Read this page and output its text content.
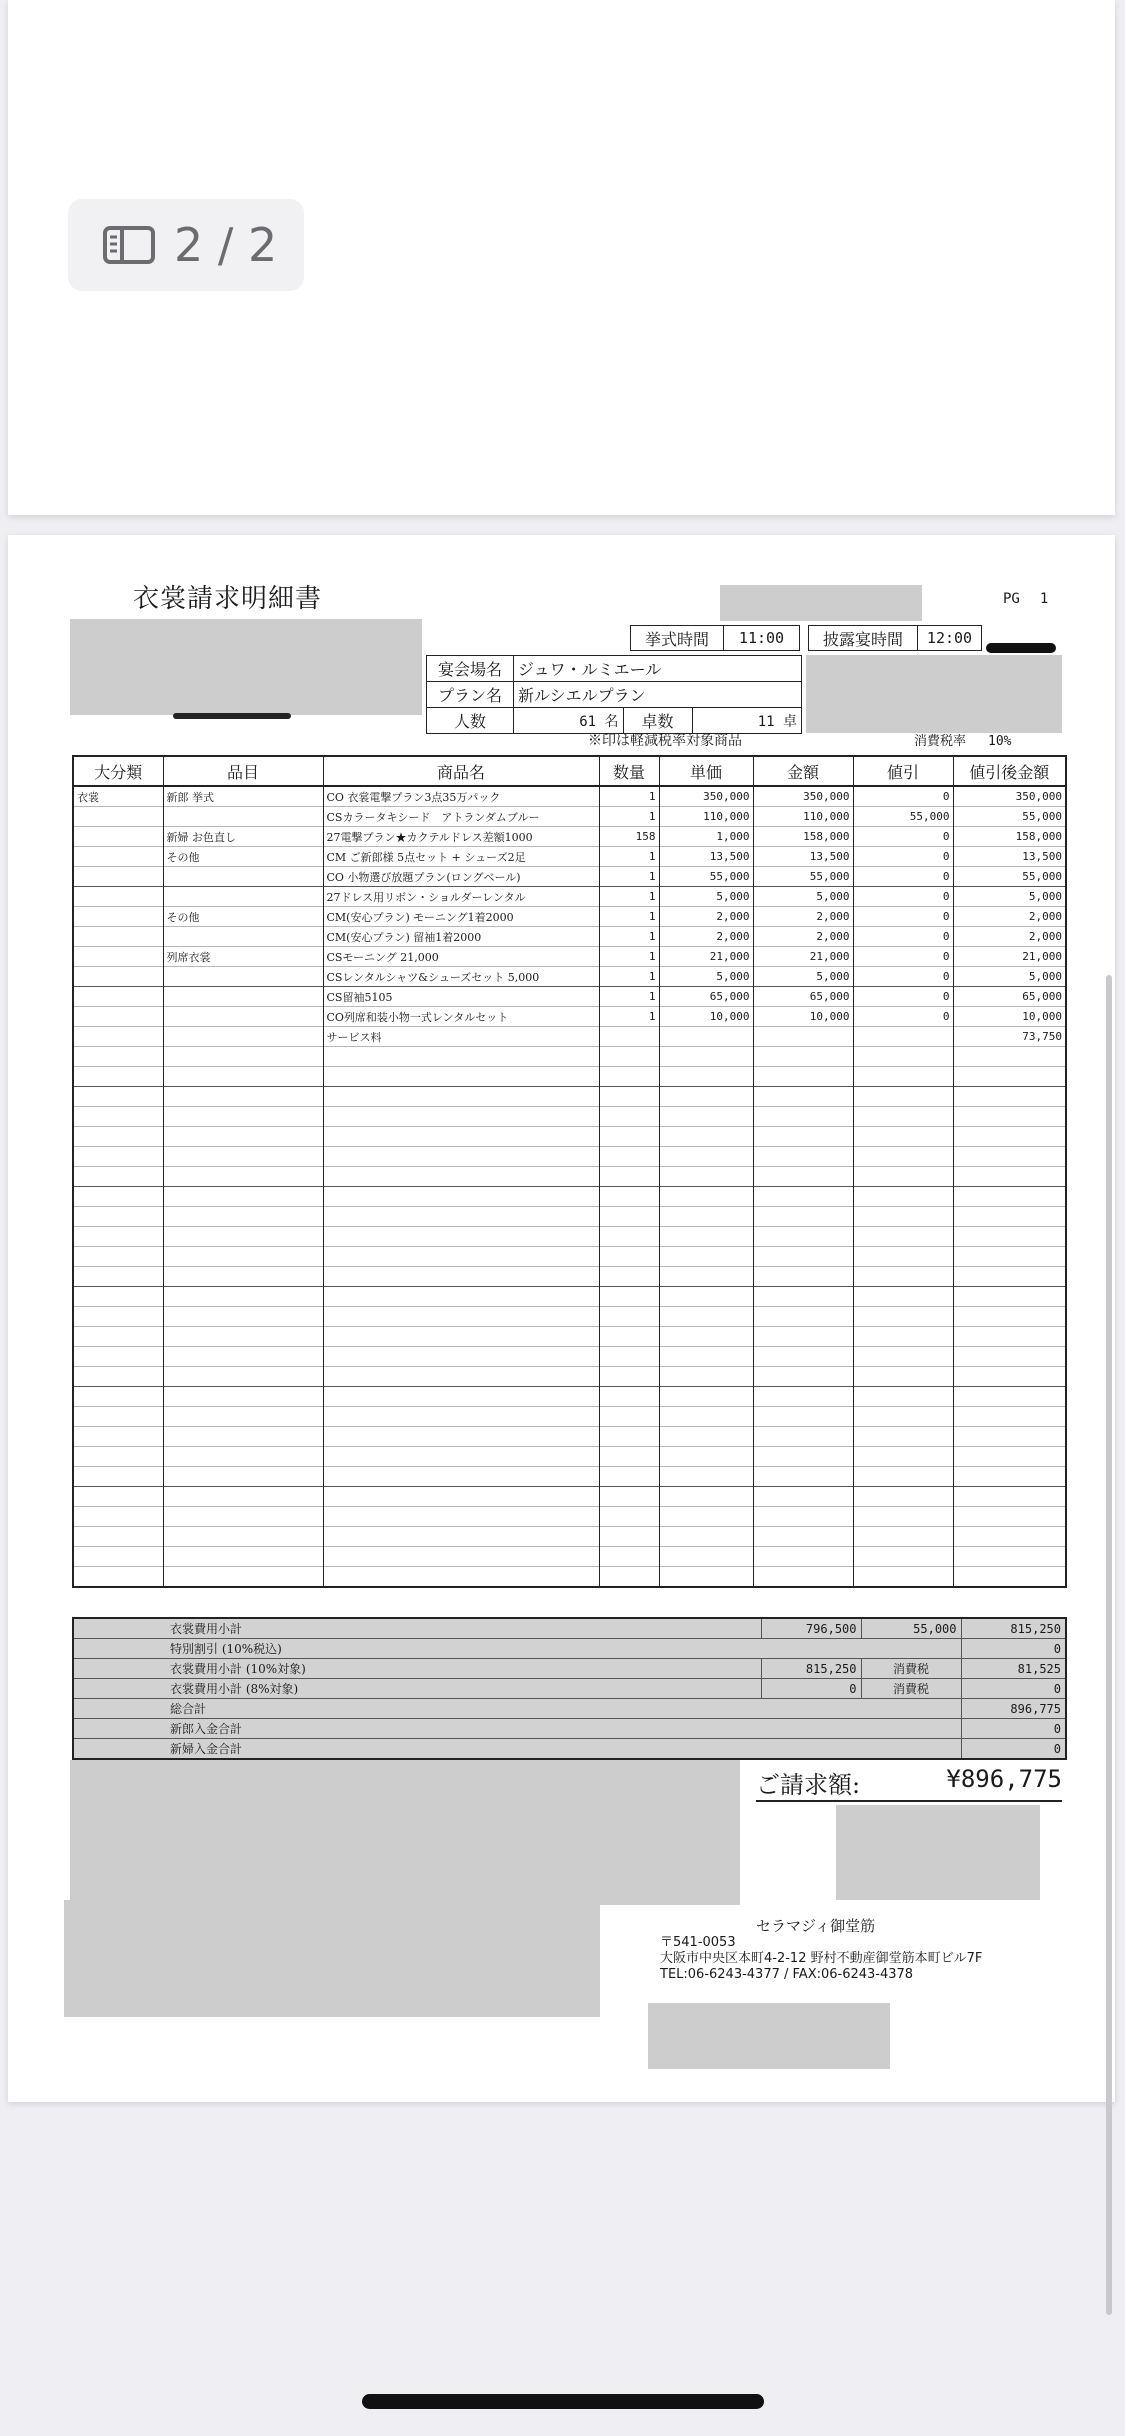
2 / 2
衣裳請求明細書	PG 1
挙式時間	11:00	披露宴時間	12:00
宴会場名	ジュワ・ルミエール		
プラン名	新ルシエルプラン		
人数	61 名	卓数	11 卓
※印は軽減税率対象商品	消費税率 10%
大分類	品目	商品名	数量	単価	金額	値引	値引後金額
衣裳	新郎 挙式	CO 衣裳電撃プラン3点35万パック	1	350,000	350,000	0	350,000
		CSカラータキシード　アトランダムブルー	1	110,000	110,000	55,000	55,000
	新婦 お色直し	27電撃プラン★カクテルドレス差額1000	158	1,000	158,000	0	158,000
	その他	CM ご新郎様 5点セット + シューズ2足	1	13,500	13,500	0	13,500
		CO 小物選び放題プラン(ロングベール)	1	55,000	55,000	0	55,000
		27ドレス用リボン・ショルダーレンタル	1	5,000	5,000	0	5,000
	その他	CM(安心プラン) モーニング1着2000	1	2,000	2,000	0	2,000
		CM(安心プラン) 留袖1着2000	1	2,000	2,000	0	2,000
	列席衣裳	CSモーニング 21,000	1	21,000	21,000	0	21,000
		CSレンタルシャツ&シューズセット 5,000	1	5,000	5,000	0	5,000
		CS留袖5105	1	65,000	65,000	0	65,000
		CO列席和装小物一式レンタルセット	1	10,000	10,000	0	10,000
		サービス料					73,750

衣裳費用小計	796,500	55,000	815,250
特別割引 (10%税込)			0
衣裳費用小計 (10%対象)	815,250	消費税	81,525
衣裳費用小計 (8%対象)	0	消費税	0
総合計			896,775
新郎入金合計			0
新婦入金合計			0
ご請求額:	¥896,775
セラマジィ御堂筋
〒541-0053
大阪市中央区本町4-2-12 野村不動産御堂筋本町ビル7F
TEL:06-6243-4377 / FAX:06-6243-4378
